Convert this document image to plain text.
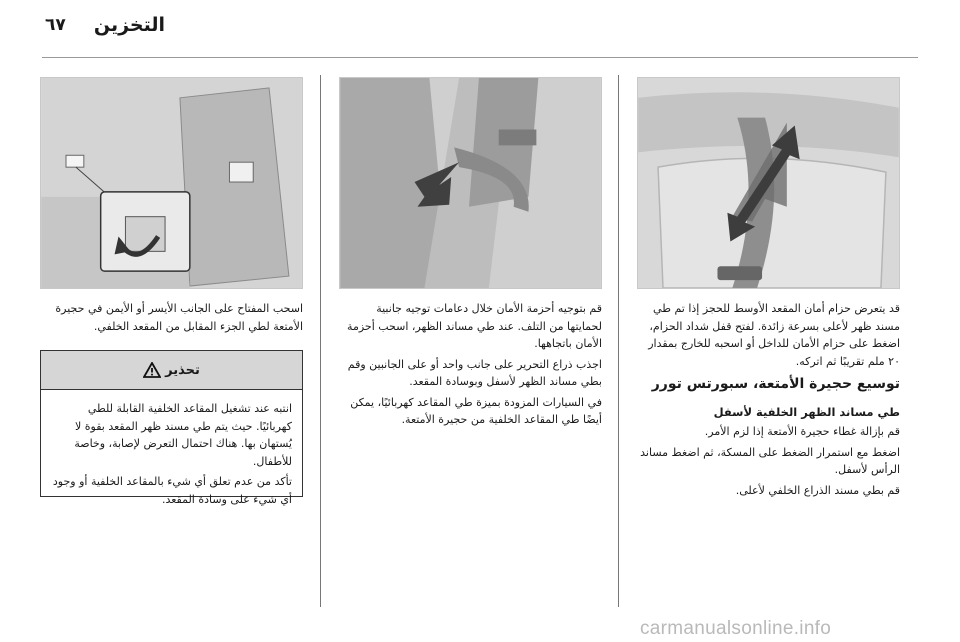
التخزين
٦٧

قد يتعرض حزام أمان المقعد الأوسط للحجز إذا تم طي مسند ظهر لأعلى بسرعة زائدة. لفتح قفل شداد الحزام، اضغط على حزام الأمان للداخل أو اسحبه للخارج بمقدار ٢٠ ملم تقريبًا ثم اتركه.

توسيع حجيرة الأمتعة، سبورتس تورر
طي مساند الظهر الخلفية لأسفل

قم بإزالة غطاء حجيرة الأمتعة إذا لزم الأمر.

اضغط مع استمرار الضغط على المسكة، ثم اضغط مساند الرأس لأسفل.

قم بطي مسند الذراع الخلفي لأعلى.

قم بتوجيه أحزمة الأمان خلال دعامات توجيه جانبية لحمايتها من التلف. عند طي مساند الظهر، اسحب أحزمة الأمان باتجاهها.

اجذب ذراع التحرير على جانب واحد أو على الجانبين وقم بطي مساند الظهر لأسفل وبوسادة المقعد.

في السيارات المزودة بميزة طي المقاعد كهربائيًا، يمكن أيضًا طي المقاعد الخلفية من حجيرة الأمتعة.

اسحب المفتاح على الجانب الأيسر أو الأيمن في حجيرة الأمتعة لطي الجزء المقابل من المقعد الخلفي.

تحذير

انتبه عند تشغيل المقاعد الخلفية القابلة للطي كهربائيًا. حيث يتم طي مسند ظهر المقعد بقوة لا يُستهان بها. هناك احتمال التعرض لإصابة، وخاصة للأطفال.

تأكد من عدم تعلق أي شيء بالمقاعد الخلفية أو وجود أي شيء على وسادة المقعد.

carmanualsonline.info
